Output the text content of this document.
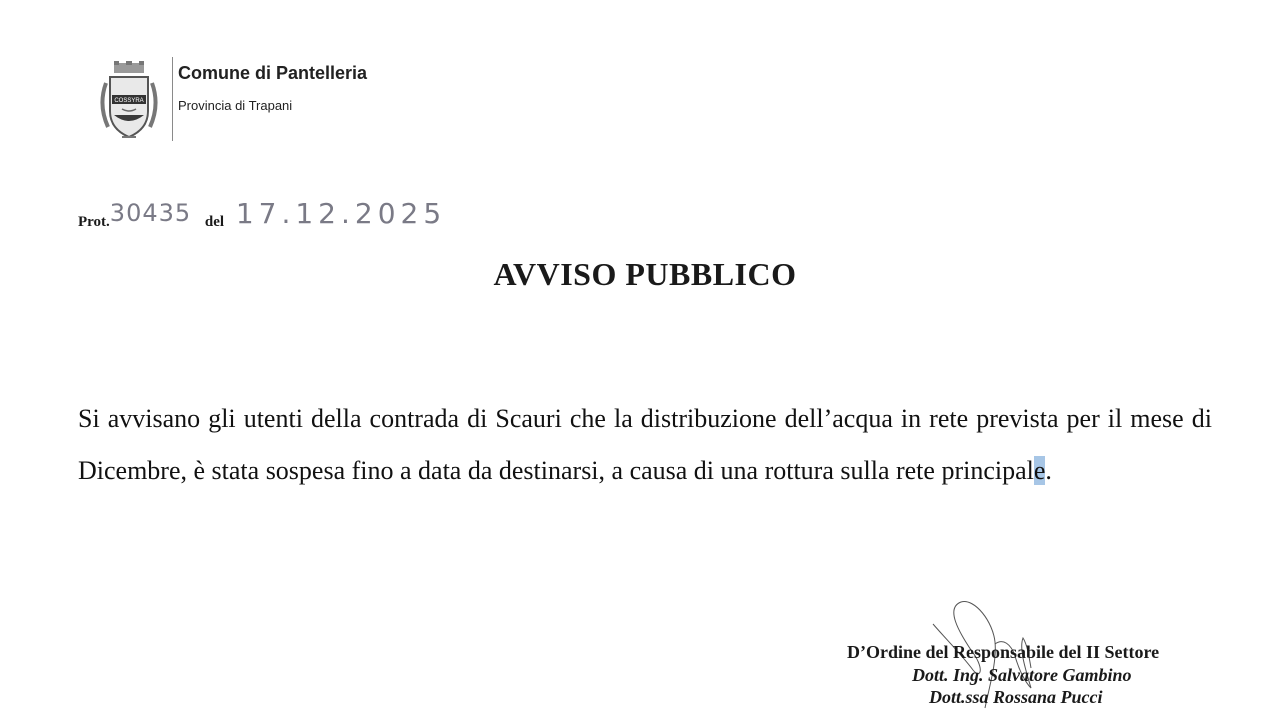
COSSYRA
Comune di Pantelleria
Provincia di Trapani
Prot.30435 del 17.12.2025
AVVISO PUBBLICO
Si avvisano gli utenti della contrada di Scauri che la distribuzione dell’acqua in rete prevista per il mese di Dicembre, è stata sospesa fino a data da destinarsi, a causa di una rottura sulla rete principale.
D’Ordine del Responsabile del II Settore
Dott. Ing. Salvatore Gambino
Dott.ssa Rossana Pucci
